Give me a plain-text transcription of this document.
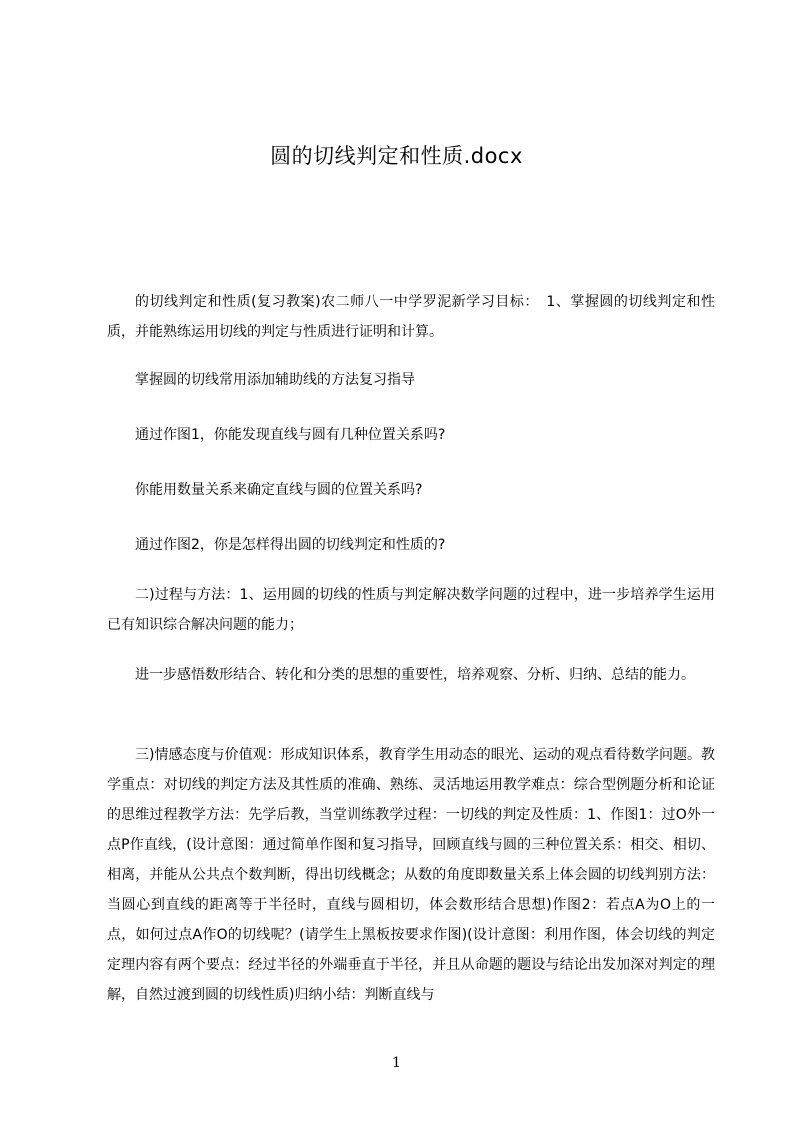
圆的切线判定和性质.docx

的切线判定和性质(复习教案)农二师八一中学罗泥新学习目标：　1、掌握圆的切线判定和性质，并能熟练运用切线的判定与性质进行证明和计算。

掌握圆的切线常用添加辅助线的方法复习指导

通过作图1，你能发现直线与圆有几种位置关系吗?

你能用数量关系来确定直线与圆的位置关系吗?

通过作图2，你是怎样得出圆的切线判定和性质的?

二)过程与方法：1、运用圆的切线的性质与判定解决数学问题的过程中，进一步培养学生运用已有知识综合解决问题的能力；

进一步感悟数形结合、转化和分类的思想的重要性，培养观察、分析、归纳、总结的能力。

三)情感态度与价值观：形成知识体系，教育学生用动态的眼光、运动的观点看待数学问题。教学重点：对切线的判定方法及其性质的准确、熟练、灵活地运用教学难点：综合型例题分析和论证的思维过程教学方法：先学后教，当堂训练教学过程：一切线的判定及性质：1、作图1：过O外一点P作直线，(设计意图：通过简单作图和复习指导，回顾直线与圆的三种位置关系：相交、相切、相离，并能从公共点个数判断，得出切线概念；从数的角度即数量关系上体会圆的切线判别方法：当圆心到直线的距离等于半径时，直线与圆相切，体会数形结合思想)作图2：若点A为O上的一点，如何过点A作O的切线呢？(请学生上黑板按要求作图)(设计意图：利用作图，体会切线的判定定理内容有两个要点：经过半径的外端垂直于半径，并且从命题的题设与结论出发加深对判定的理解，自然过渡到圆的切线性质)归纳小结：判断直线与

1
